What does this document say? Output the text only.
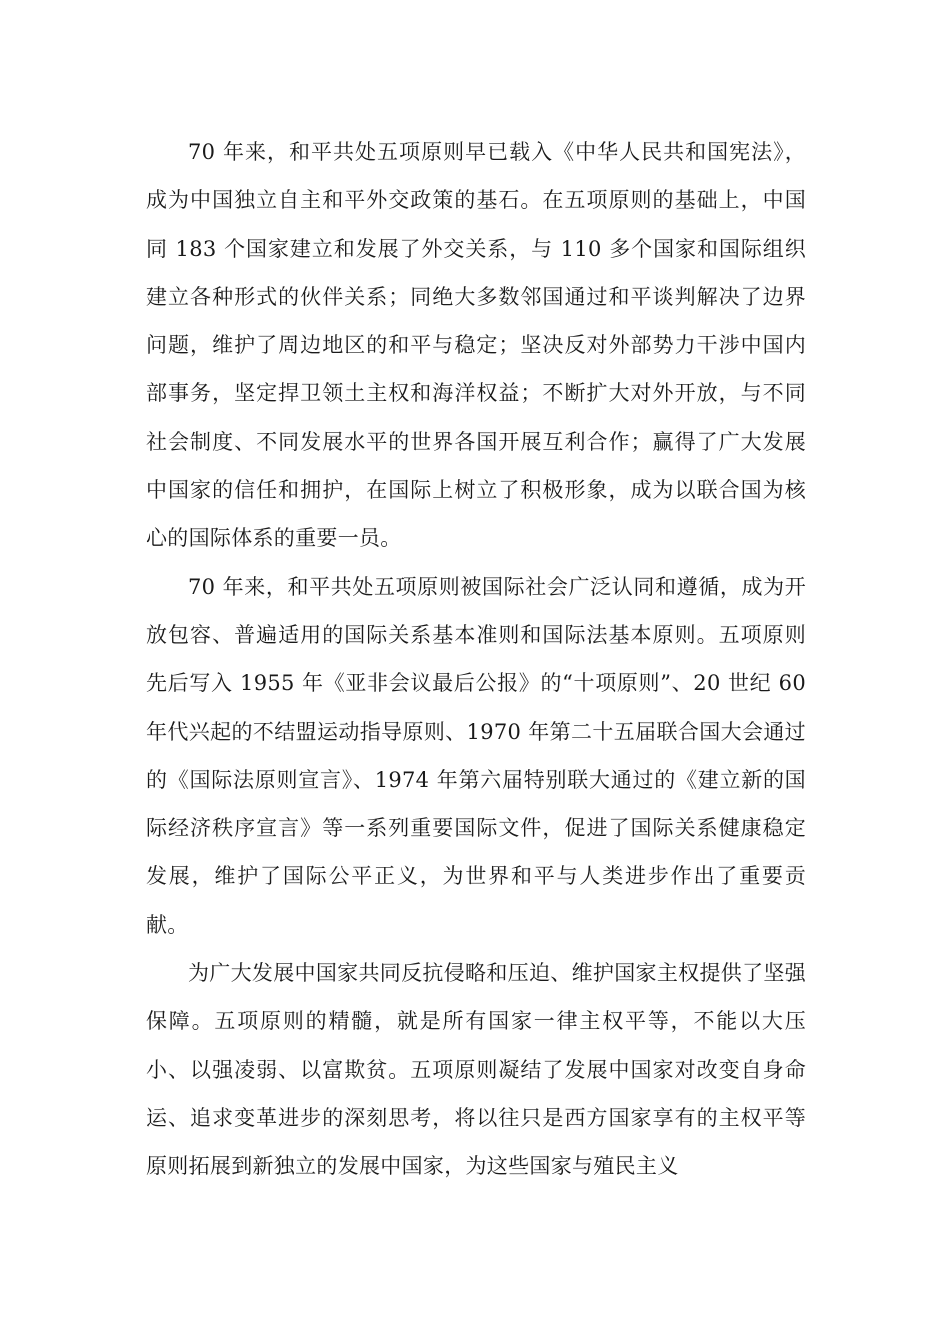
70 年来，和平共处五项原则早已载入《中华人民共和国宪法》，成为中国独立自主和平外交政策的基石。在五项原则的基础上，中国同 183 个国家建立和发展了外交关系，与 110 多个国家和国际组织建立各种形式的伙伴关系；同绝大多数邻国通过和平谈判解决了边界问题，维护了周边地区的和平与稳定；坚决反对外部势力干涉中国内部事务，坚定捍卫领土主权和海洋权益；不断扩大对外开放，与不同社会制度、不同发展水平的世界各国开展互利合作；赢得了广大发展中国家的信任和拥护，在国际上树立了积极形象，成为以联合国为核心的国际体系的重要一员。

70 年来，和平共处五项原则被国际社会广泛认同和遵循，成为开放包容、普遍适用的国际关系基本准则和国际法基本原则。五项原则先后写入 1955 年《亚非会议最后公报》的“十项原则”、20 世纪 60 年代兴起的不结盟运动指导原则、1970 年第二十五届联合国大会通过的《国际法原则宣言》、1974 年第六届特别联大通过的《建立新的国际经济秩序宣言》等一系列重要国际文件，促进了国际关系健康稳定发展，维护了国际公平正义，为世界和平与人类进步作出了重要贡献。

为广大发展中国家共同反抗侵略和压迫、维护国家主权提供了坚强保障。五项原则的精髓，就是所有国家一律主权平等，不能以大压小、以强凌弱、以富欺贫。五项原则凝结了发展中国家对改变自身命运、追求变革进步的深刻思考，将以往只是西方国家享有的主权平等原则拓展到新独立的发展中国家，为这些国家与殖民主义
